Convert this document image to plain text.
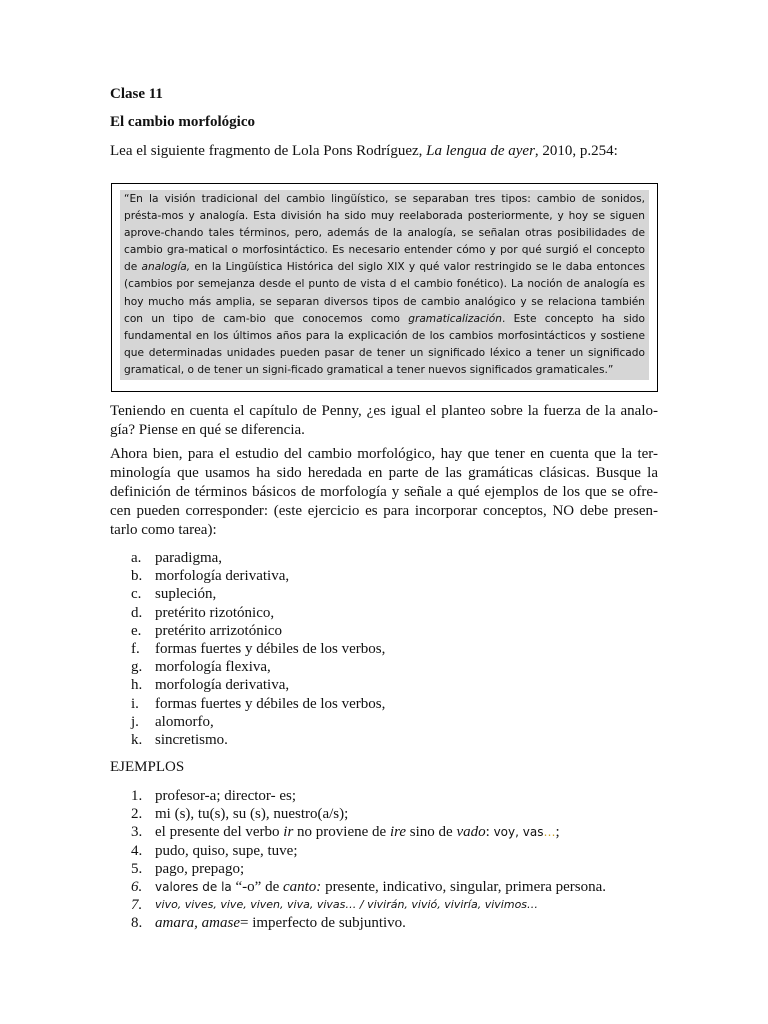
Clase 11
El cambio morfológico
Lea el siguiente fragmento de Lola Pons Rodríguez, La lengua de ayer, 2010, p.254:
“En la visión tradicional del cambio lingüístico, se separaban tres tipos: cambio de sonidos, présta-mos y analogía. Esta división ha sido muy reelaborada posteriormente, y hoy se siguen aprove-chando tales términos, pero, además de la analogía, se señalan otras posibilidades de cambio gra-matical o morfosintáctico. Es necesario entender cómo y por qué surgió el concepto de analogía, en la Lingüística Histórica del siglo XIX y qué valor restringido se le daba entonces (cambios por semejanza desde el punto de vista d el cambio fonético). La noción de analogía es hoy mucho más amplia, se separan diversos tipos de cambio analógico y se relaciona también con un tipo de cam-bio que conocemos como gramaticalización. Este concepto ha sido fundamental en los últimos años para la explicación de los cambios morfosintácticos y sostiene que determinadas unidades pueden pasar de tener un significado léxico a tener un significado gramatical, o de tener un signi-ficado gramatical a tener nuevos significados gramaticales.”
Teniendo en cuenta el capítulo de Penny, ¿es igual el planteo sobre la fuerza de la analo-gía? Piense en qué se diferencia.
Ahora bien, para el estudio del cambio morfológico, hay que tener en cuenta que la ter-minología que usamos ha sido heredada en parte de las gramáticas clásicas. Busque la definición de términos básicos de morfología y señale a qué ejemplos de los que se ofre-cen pueden corresponder: (este ejercicio es para incorporar conceptos, NO debe presen-tarlo como tarea):
a. paradigma,
b. morfología derivativa,
c. supleción,
d. pretérito rizotónico,
e. pretérito arrizotónico
f.	formas fuertes y débiles de los verbos,
g. morfología flexiva,
h. morfología derivativa,
i.	formas fuertes y débiles de los verbos,
j.	alomorfo,
k. sincretismo.
EJEMPLOS
1. profesor-a; director- es;
2. mi (s), tu(s), su (s), nuestro(a/s);
3. el presente del verbo ir no proviene de ire sino de vado: voy, vas…;
4. pudo, quiso, supe, tuve;
5. pago, prepago;
6.	valores de la “-o” de canto: presente, indicativo, singular, primera persona.
7.	vivo, vives, vive, viven, viva, vivas… / vivirán, vivió, viviría, vivimos…
8. amara, amase= imperfecto de subjuntivo.
